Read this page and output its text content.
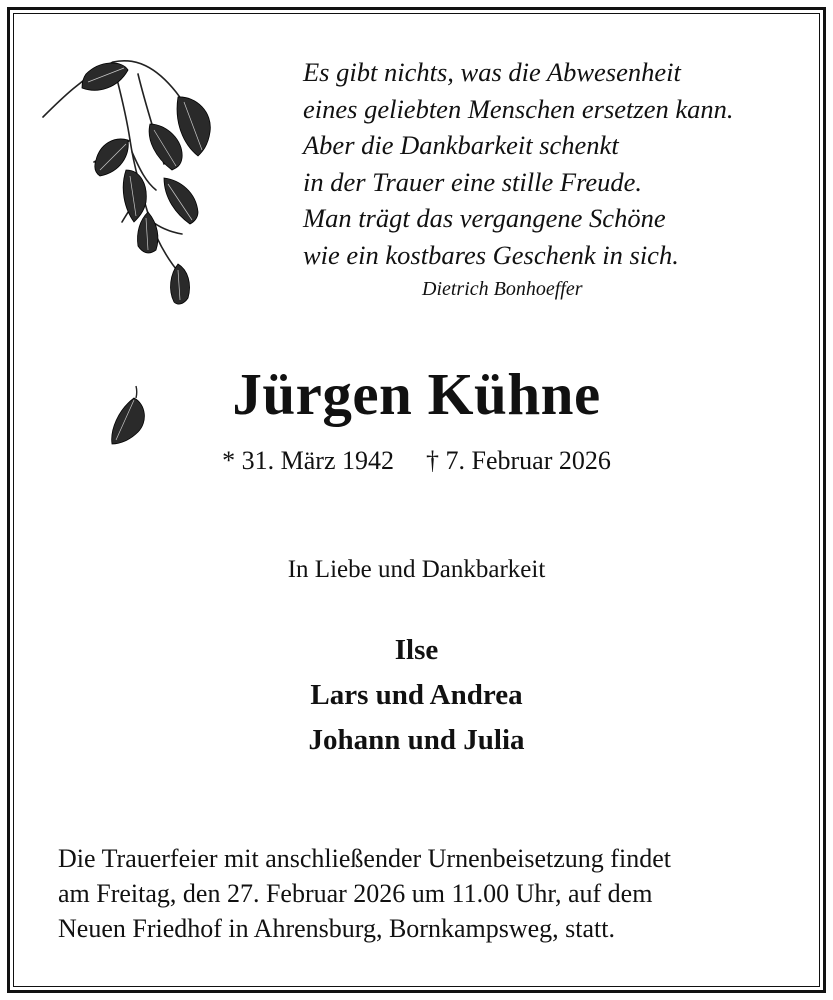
Es gibt nichts, was die Abwesenheit
eines geliebten Menschen ersetzen kann.
Aber die Dankbarkeit schenkt
in der Trauer eine stille Freude.
Man trägt das vergangene Schöne
wie ein kostbares Geschenk in sich.
Dietrich Bonhoeffer
Jürgen Kühne
* 31. März 1942 † 7. Februar 2026
In Liebe und Dankbarkeit
Ilse
Lars und Andrea
Johann und Julia
Die Trauerfeier mit anschließender Urnenbeisetzung findet
am Freitag, den 27. Februar 2026 um 11.00 Uhr, auf dem
Neuen Friedhof in Ahrensburg, Bornkampsweg, statt.
